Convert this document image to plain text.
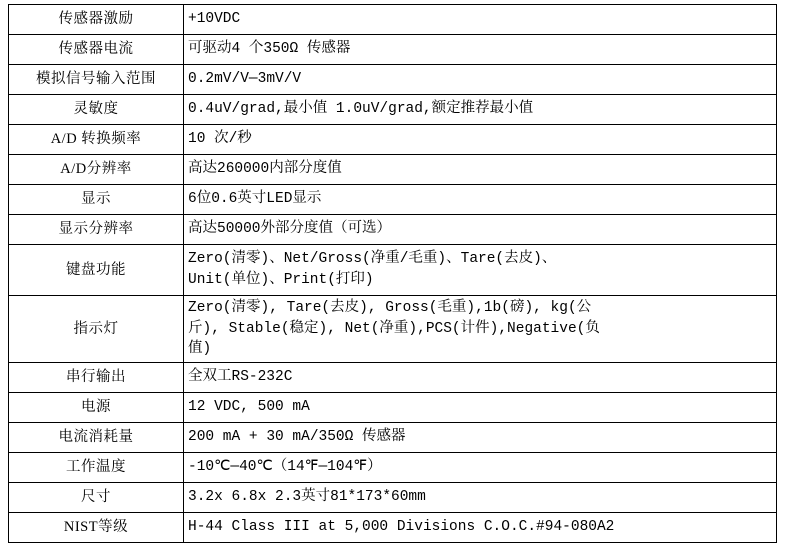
传感器激励	+10VDC

传感器电流	可驱动4 个350Ω 传感器

模拟信号输入范围	0.2mV/V—3mV/V

灵敏度	0.4uV/grad,最小值 1.0uV/grad,额定推荐最小值

A/D 转换频率	10 次/秒

A/D分辨率	高达260000内部分度值

显示	6位0.6英寸LED显示

显示分辨率	高达50000外部分度值（可选）

键盘功能	Zero(清零)、Net/Gross(净重/毛重)、Tare(去皮)、
Unit(单位)、Print(打印)

指示灯	Zero(清零), Tare(去皮), Gross(毛重),1b(磅), kg(公
斤), Stable(稳定), Net(净重),PCS(计件),Negative(负
值)

串行输出	全双工RS-232C

电源	12 VDC, 500 mA

电流消耗量	200 mA + 30 mA/350Ω 传感器

工作温度	-10℃—40℃（14℉—104℉）

尺寸	3.2x 6.8x 2.3英寸81*173*60mm

NIST等级	H-44 Class III at 5,000 Divisions C.O.C.#94-080A2
